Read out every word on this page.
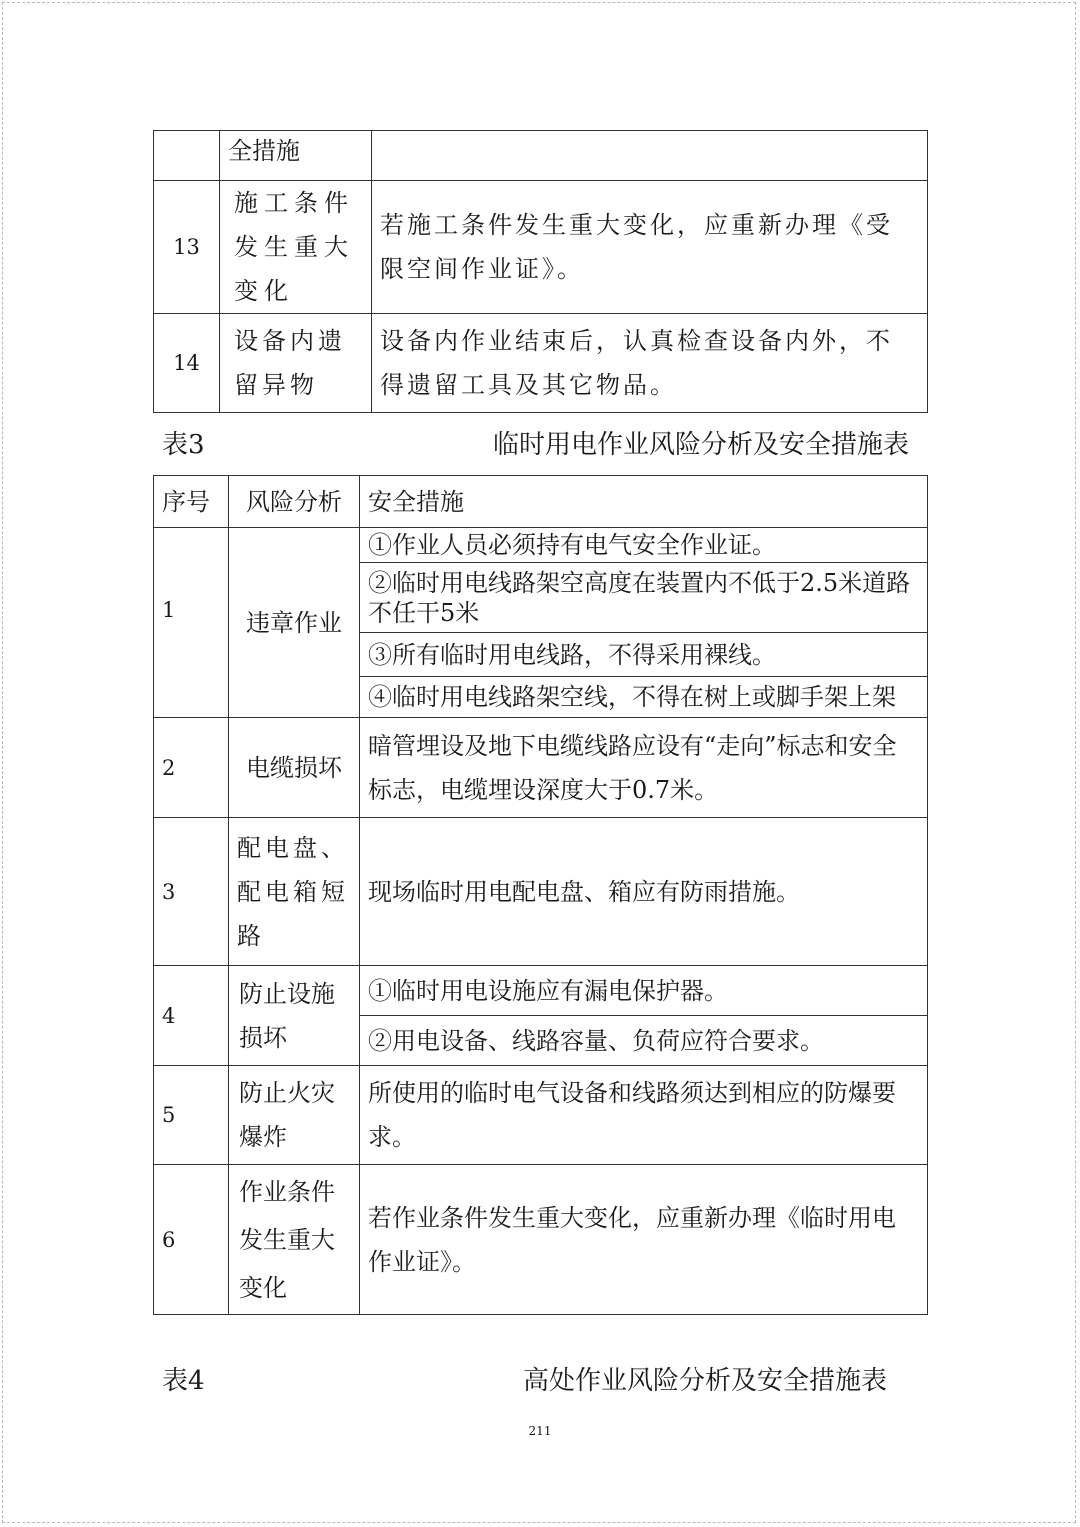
	全措施	
13	施工条件发生重大变化	若施工条件发生重大变化，应重新办理《受限空间作业证》。
14	设备内遗留异物	设备内作业结束后，认真检查设备内外，不得遗留工具及其它物品。
表3	临时用电作业风险分析及安全措施表
序号	风险分析	安全措施
1	违章作业	①作业人员必须持有电气安全作业证。
		②临时用电线路架空高度在装置内不低于2.5米道路不任干5米
		③所有临时用电线路，不得采用裸线。
		④临时用电线路架空线，不得在树上或脚手架上架
2	电缆损坏	暗管埋设及地下电缆线路应设有“走向”标志和安全标志，电缆埋设深度大于0.7米。
3	配电盘、配电箱短路	现场临时用电配电盘、箱应有防雨措施。
4	防止设施损坏	①临时用电设施应有漏电保护器。
		②用电设备、线路容量、负荷应符合要求。
5	防止火灾爆炸	所使用的临时电气设备和线路须达到相应的防爆要求。
6	作业条件发生重大变化	若作业条件发生重大变化，应重新办理《临时用电作业证》。
表4	高处作业风险分析及安全措施表
211
